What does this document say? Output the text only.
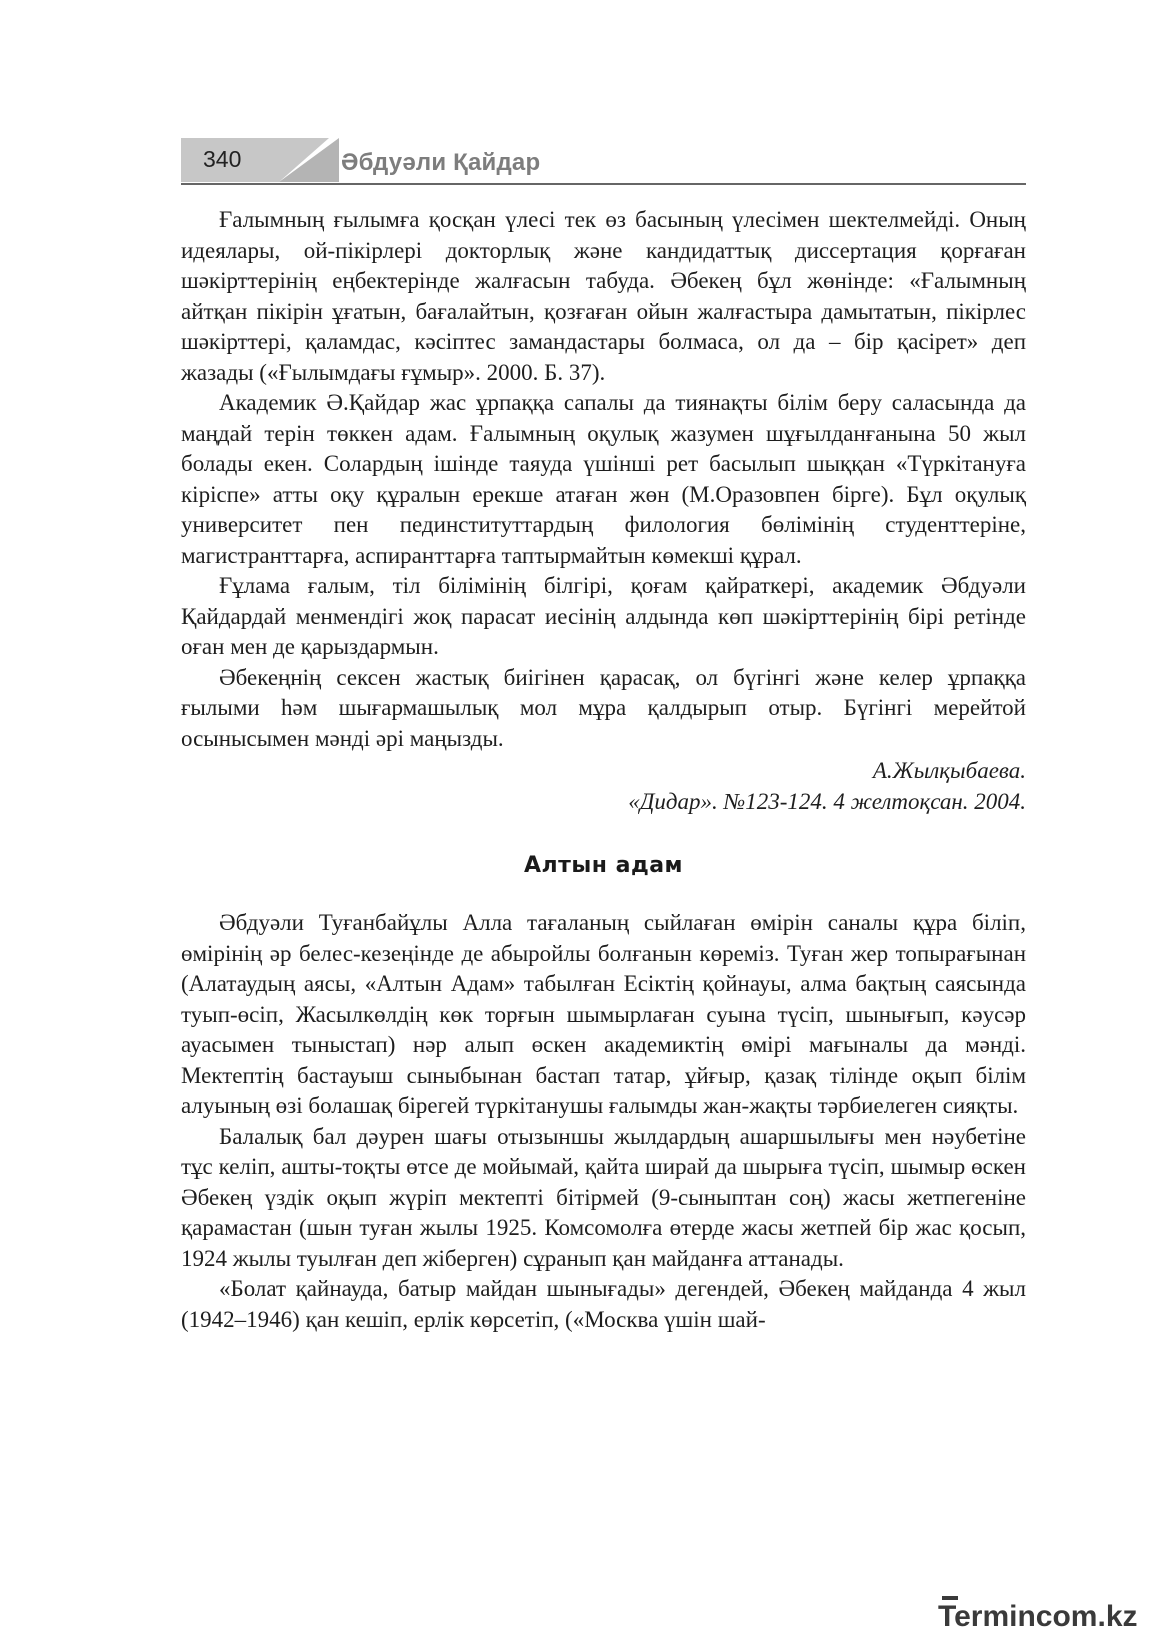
340	Әбдуәли Қайдар

Ғалымның ғылымға қосқан үлесі тек өз басының үлесімен шектелмейді. Оның идеялары, ой-пікірлері докторлық және кандидаттық диссертация қорғаған шәкірттерінің еңбектерінде жалғасын табуда. Әбекең бұл жөнінде: «Ғалымның айтқан пікірін ұғатын, бағалайтын, қозғаған ойын жалғастыра дамытатын, пікірлес шәкірттері, қаламдас, кәсіптес замандастары болмаса, ол да – бір қасірет» деп жазады («Ғылымдағы ғұмыр». 2000. Б. 37).

Академик Ә.Қайдар жас ұрпаққа сапалы да тиянақты білім беру саласында да маңдай терін төккен адам. Ғалымның оқулық жазумен шұғылданғанына 50 жыл болады екен. Солардың ішінде таяуда үшінші рет басылып шыққан «Түркітануға кіріспе» атты оқу құралын ерекше атаған жөн (М.Оразовпен бірге). Бұл оқулық университет пен пединституттардың филология бөлімінің студенттеріне, магистранттарға, аспиранттарға таптырмайтын көмекші құрал.

Ғұлама ғалым, тіл білімінің білгірі, қоғам қайраткері, академик Әбдуәли Қайдардай менмендігі жоқ парасат иесінің алдында көп шәкірттерінің бірі ретінде оған мен де қарыздармын.

Әбекеңнің сексен жастық биігінен қарасақ, ол бүгінгі және келер ұрпаққа ғылыми һәм шығармашылық мол мұра қалдырып отыр. Бүгінгі мерейтой осынысымен мәнді әрі маңызды.

А.Жылқыбаева.
«Дидар». №123-124. 4 желтоқсан. 2004.
Алтын адам

Әбдуәли Туғанбайұлы Алла тағаланың сыйлаған өмірін саналы құра біліп, өмірінің әр белес-кезеңінде де абыройлы болғанын көреміз. Туған жер топырағынан (Алатаудың аясы, «Алтын Адам» табылған Есіктің қойнауы, алма бақтың саясында туып-өсіп, Жасылкөлдің көк торғын шымырлаған суына түсіп, шынығып, кәусәр ауасымен тыныстап) нәр алып өскен академиктің өмірі мағыналы да мәнді. Мектептің бастауыш сыныбынан бастап татар, ұйғыр, қазақ тілінде оқып білім алуының өзі болашақ бірегей түркітанушы ғалымды жан-жақты тәрбиелеген сияқты.

Балалық бал дәурен шағы отызыншы жылдардың ашаршылығы мен нәубетіне тұс келіп, ашты-тоқты өтсе де мойымай, қайта ширай да шырыға түсіп, шымыр өскен Әбекең үздік оқып жүріп мектепті бітірмей (9-сыныптан соң) жасы жетпегеніне қарамастан (шын туған жылы 1925. Комсомолға өтерде жасы жетпей бір жас қосып, 1924 жылы туылған деп жіберген) сұранып қан майданға аттанады.

«Болат қайнауда, батыр майдан шынығады» дегендей, Әбекең майданда 4 жыл (1942–1946) қан кешіп, ерлік көрсетіп, («Москва үшін шай-

Termincom.kz
